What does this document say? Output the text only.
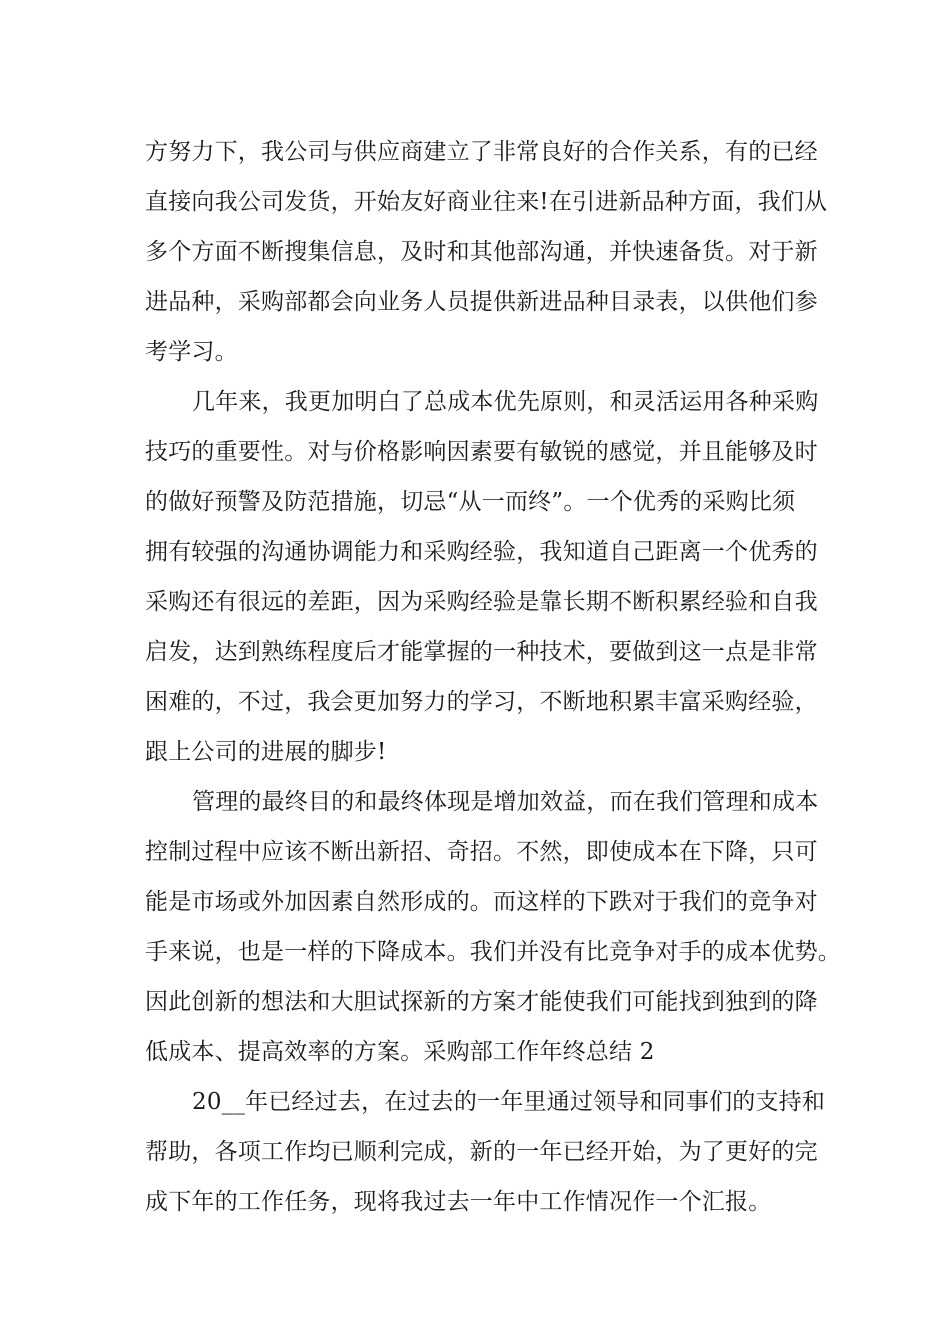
方努力下，我公司与供应商建立了非常良好的合作关系，有的已经
直接向我公司发货，开始友好商业往来!在引进新品种方面，我们从
多个方面不断搜集信息，及时和其他部沟通，并快速备货。对于新
进品种，采购部都会向业务人员提供新进品种目录表，以供他们参
考学习。
几年来，我更加明白了总成本优先原则，和灵活运用各种采购
技巧的重要性。对与价格影响因素要有敏锐的感觉，并且能够及时
的做好预警及防范措施，切忌“从一而终”。一个优秀的采购比须
拥有较强的沟通协调能力和采购经验，我知道自己距离一个优秀的
采购还有很远的差距，因为采购经验是靠长期不断积累经验和自我
启发，达到熟练程度后才能掌握的一种技术，要做到这一点是非常
困难的，不过，我会更加努力的学习，不断地积累丰富采购经验，
跟上公司的进展的脚步!
管理的最终目的和最终体现是增加效益，而在我们管理和成本
控制过程中应该不断出新招、奇招。不然，即使成本在下降，只可
能是市场或外加因素自然形成的。而这样的下跌对于我们的竞争对
手来说，也是一样的下降成本。我们并没有比竞争对手的成本优势。
因此创新的想法和大胆试探新的方案才能使我们可能找到独到的降
低成本、提高效率的方案。采购部工作年终总结 2
20__年已经过去，在过去的一年里通过领导和同事们的支持和
帮助，各项工作均已顺利完成，新的一年已经开始，为了更好的完
成下年的工作任务，现将我过去一年中工作情况作一个汇报。
